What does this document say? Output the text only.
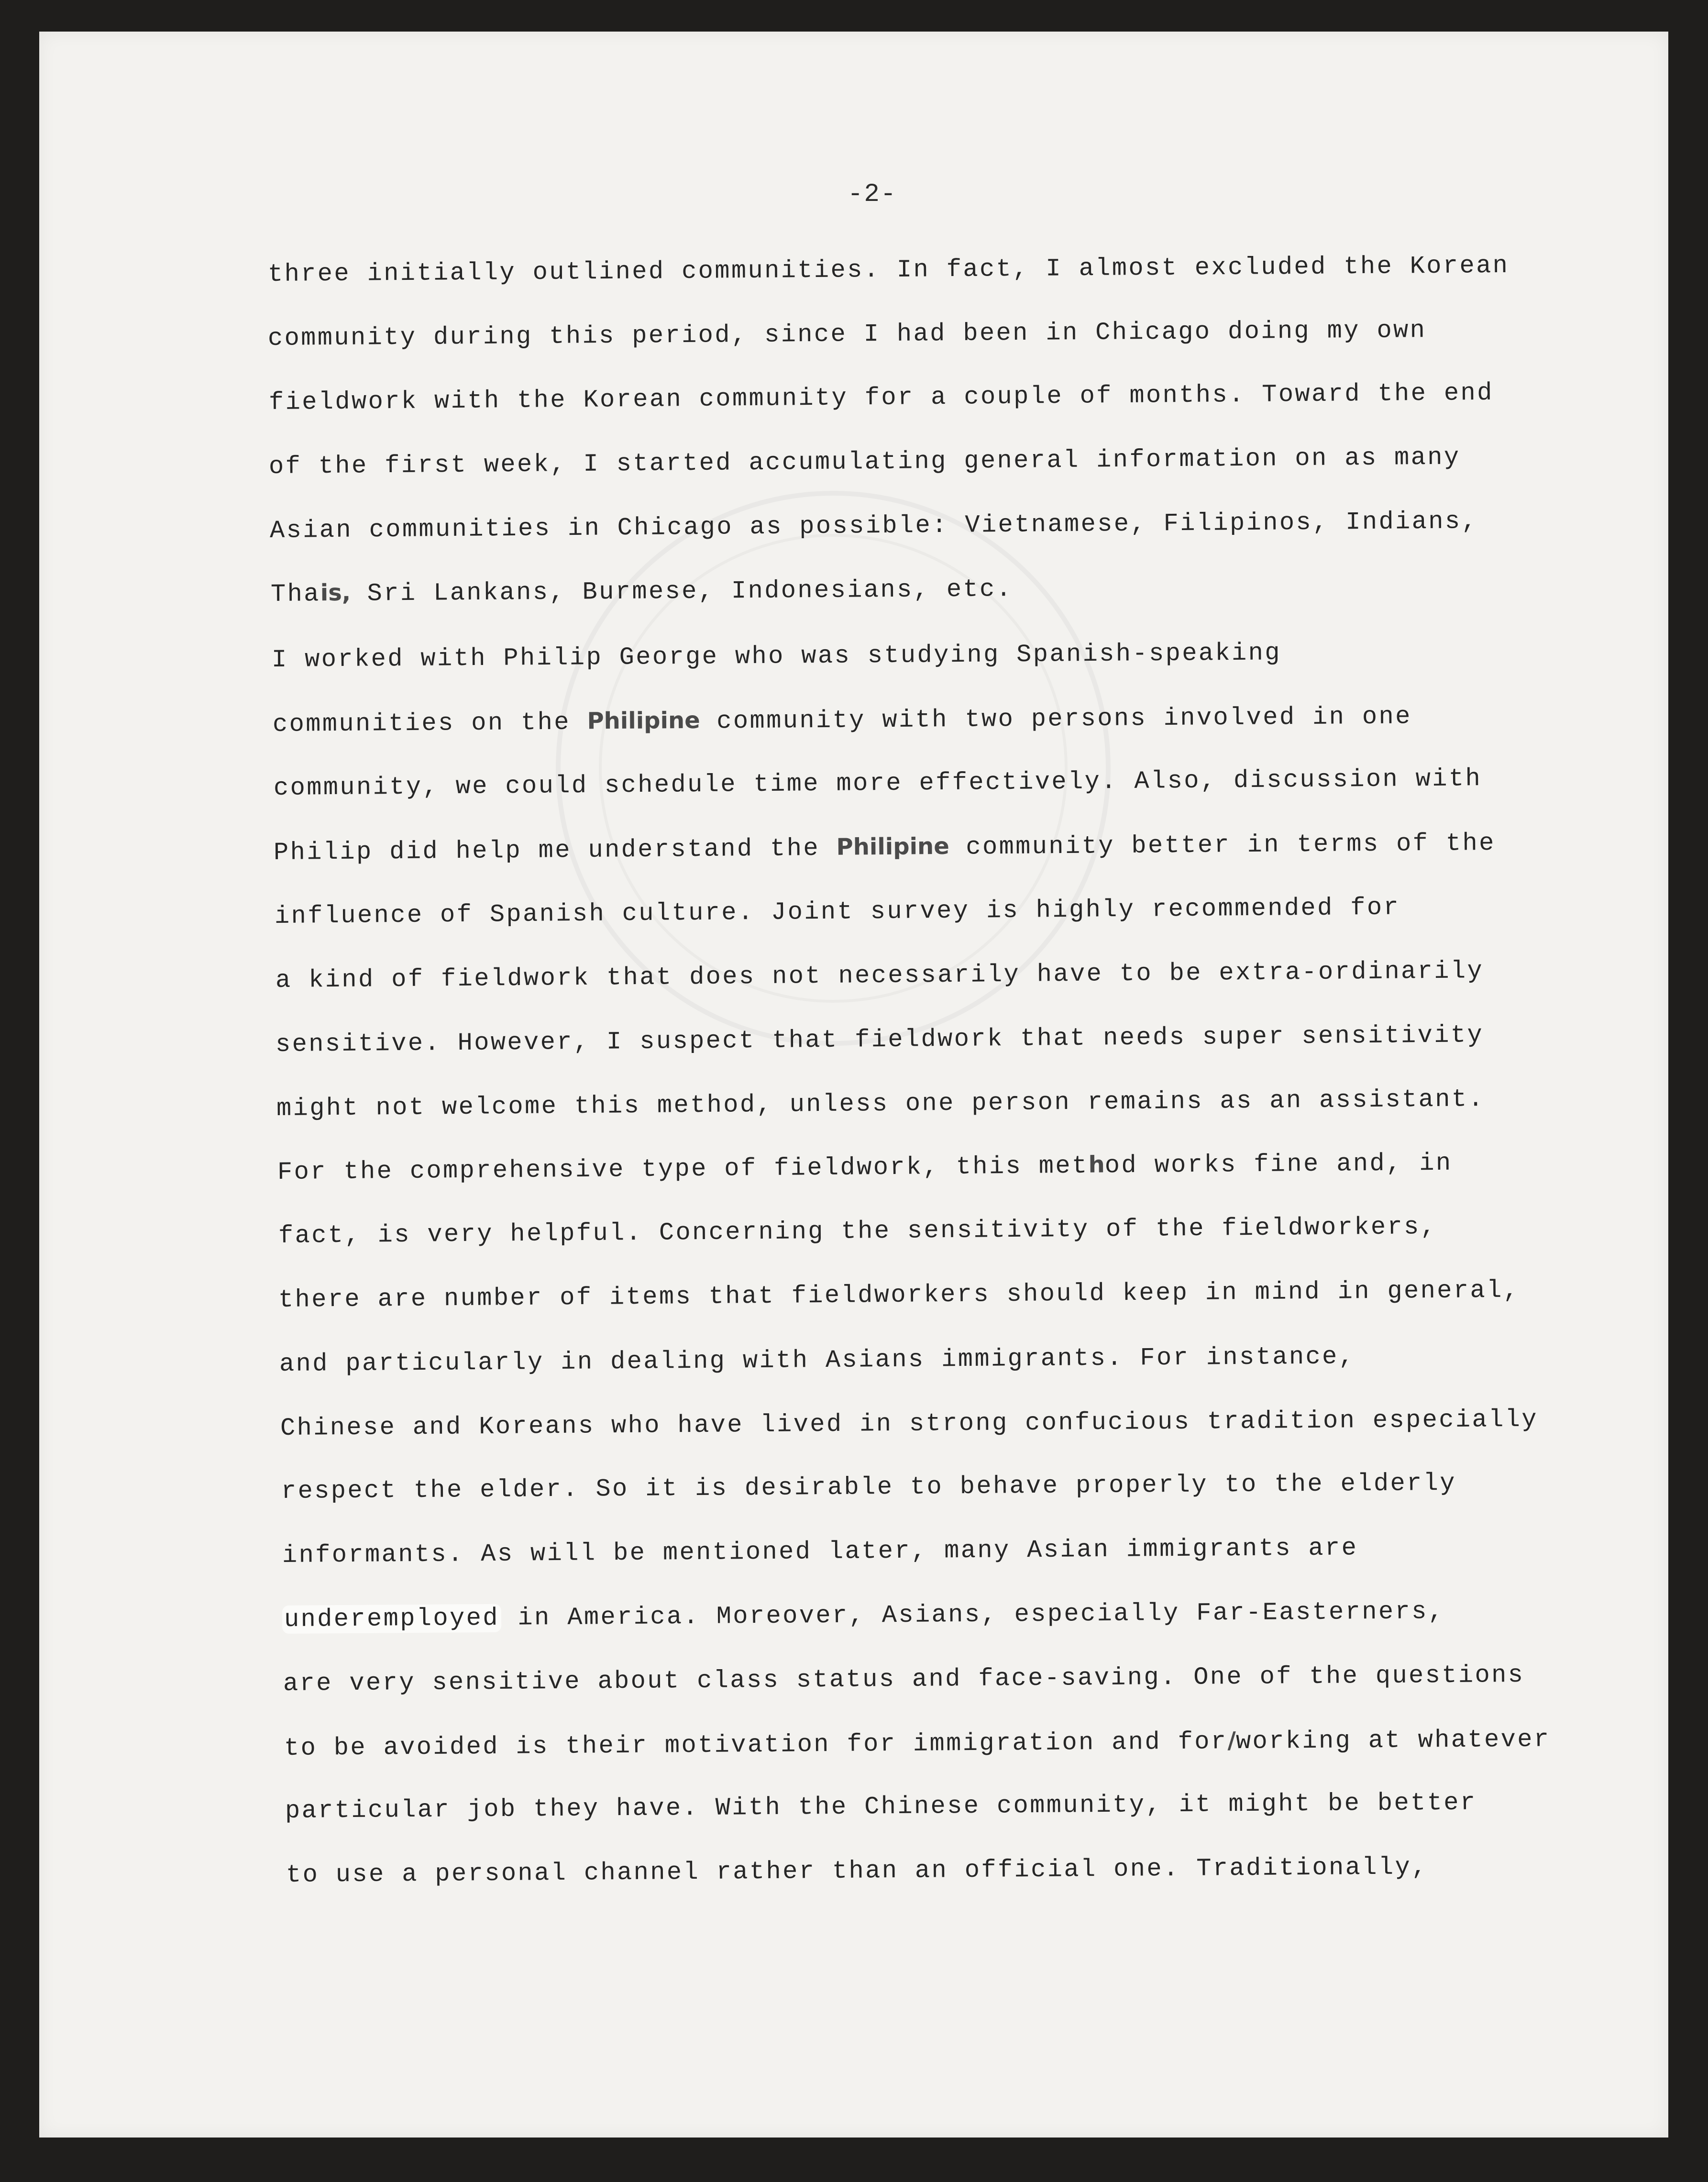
-2-
three initially outlined communities. In fact, I almost excluded the Korean
community during this period, since I had been in Chicago doing my own
fieldwork with the Korean community for a couple of months. Toward the end
of the first week, I started accumulating general information on as many
Asian communities in Chicago as possible: Vietnamese, Filipinos, Indians,
Thais, Sri Lankans, Burmese, Indonesians, etc.
I worked with Philip George who was studying Spanish-speaking
communities on the Philipine community with two persons involved in one
community, we could schedule time more effectively. Also, discussion with
Philip did help me understand the Philipine community better in terms of the
influence of Spanish culture. Joint survey is highly recommended for
a kind of fieldwork that does not necessarily have to be extra-ordinarily
sensitive. However, I suspect that fieldwork that needs super sensitivity
might not welcome this method, unless one person remains as an assistant.
For the comprehensive type of fieldwork, this method works fine and, in
fact, is very helpful. Concerning the sensitivity of the fieldworkers,
there are number of items that fieldworkers should keep in mind in general,
and particularly in dealing with Asians immigrants. For instance,
Chinese and Koreans who have lived in strong confucious tradition especially
respect the elder. So it is desirable to behave properly to the elderly
informants. As will be mentioned later, many Asian immigrants are
underemployed in America. Moreover, Asians, especially Far-Easterners,
are very sensitive about class status and face-saving. One of the questions
to be avoided is their motivation for immigration and for/working at whatever
particular job they have. With the Chinese community, it might be better
to use a personal channel rather than an official one. Traditionally,
